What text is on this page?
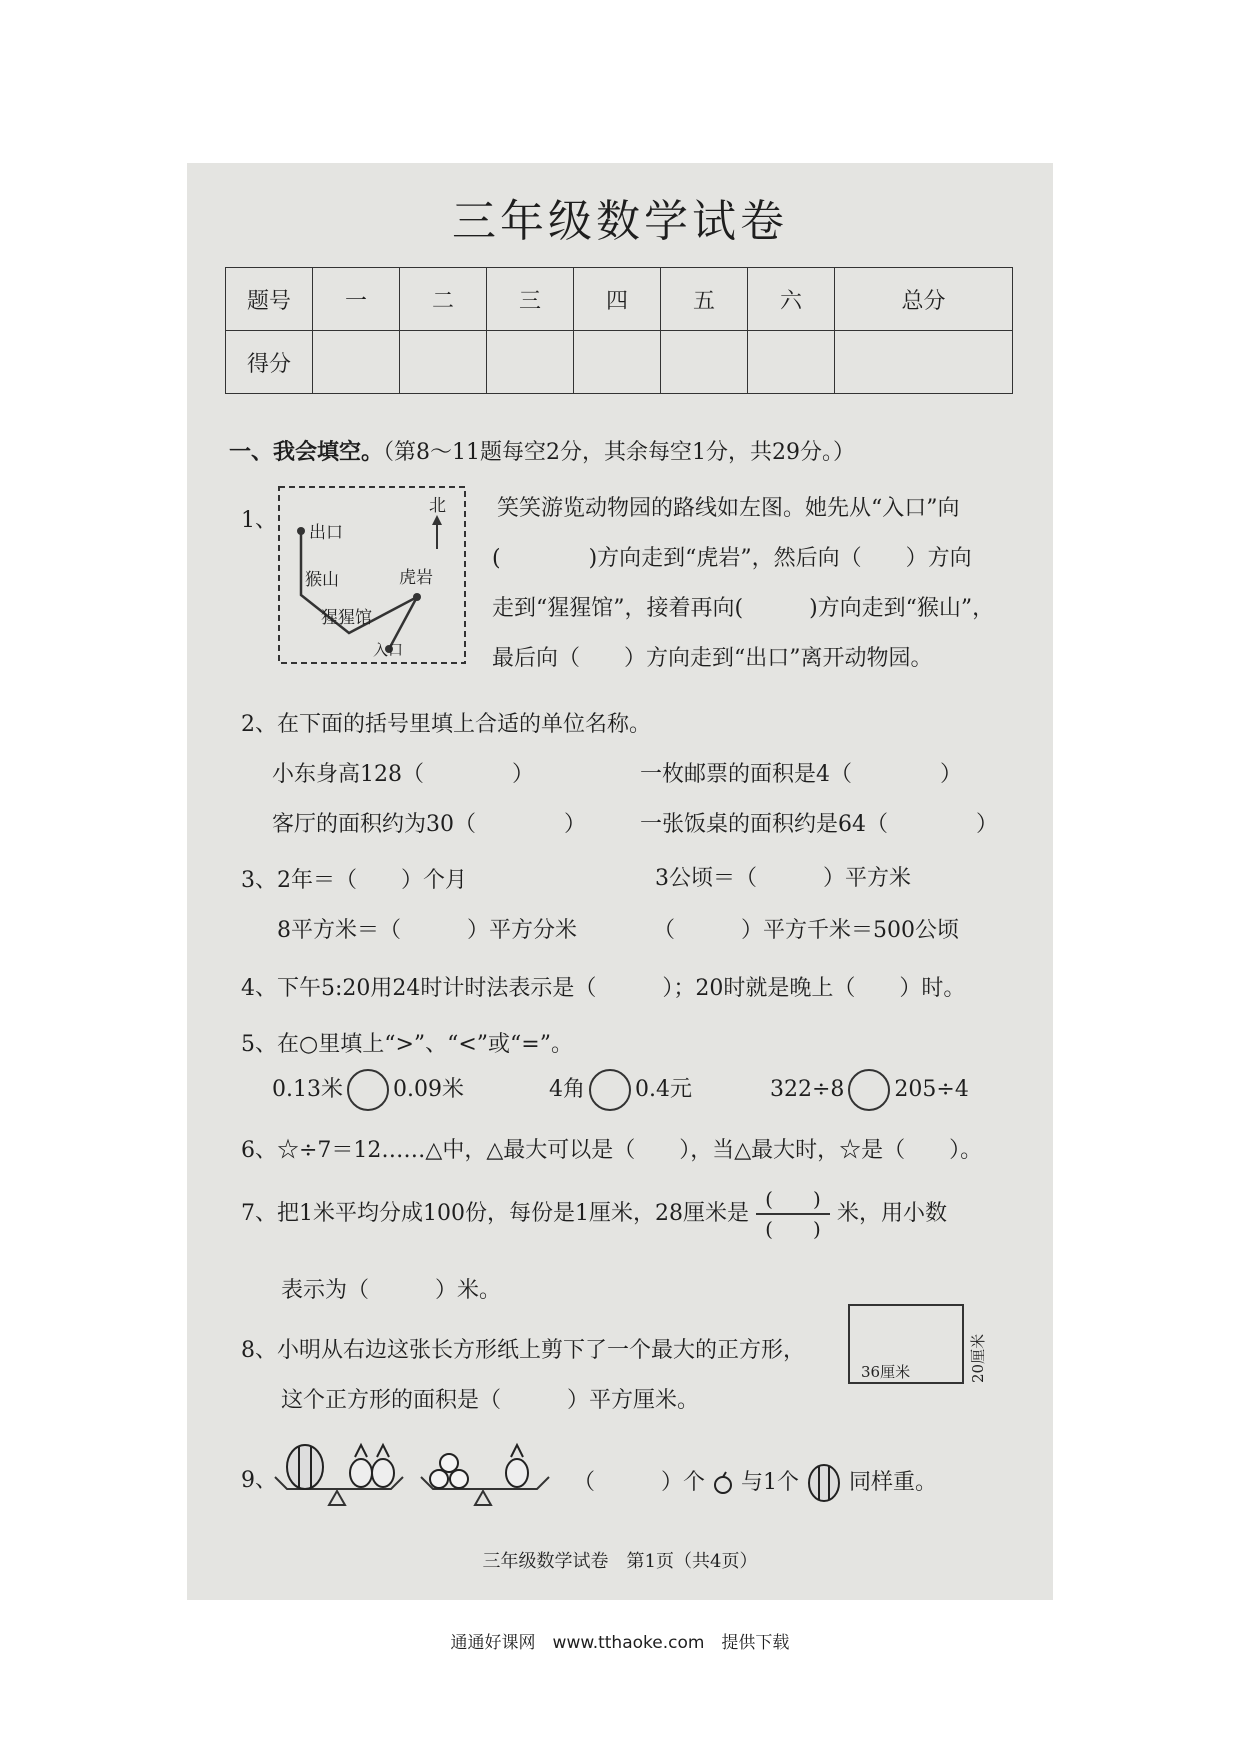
三年级数学试卷
题号	一	二	三	四	五	六	总分
得分							
一、我会填空。（第8～11题每空2分，其余每空1分，共29分。）
1、 出口
北
猴山	虎岩
猩猩馆
入口
笑笑游览动物园的路线如左图。她先从“入口”向
(　　　　)方向走到“虎岩”，然后向（　　）方向
走到“猩猩馆”，接着再向(　　　)方向走到“猴山”，
最后向（　　）方向走到“出口”离开动物园。
2、在下面的括号里填上合适的单位名称。
小东身高128（　　　　）	一枚邮票的面积是4（　　　　）
客厅的面积约为30（　　　　） 一张饭桌的面积约是64（　　　　）
3、2年＝（　　）个月	3公顷＝（　　　）平方米
8平方米＝（　　　）平方分米	（　　　）平方千米＝500公顷
4、下午5:20用24时计时法表示是（　　　）；20时就是晚上（　　）时。
5、在○里填上“>”、“<”或“=”。
0.13米 0.09米	4角 0.4元	322÷8 205÷4
6、☆÷7＝12……△中，△最大可以是（　　），当△最大时，☆是（　　）。
7、把1米平均分成100份，每份是1厘米，28厘米是 $\frac{( )}{( )}$ 米，用小数
表示为（　　　）米。
8、小明从右边这张长方形纸上剪下了一个最大的正方形，
这个正方形的面积是（　　　）平方厘米。
36厘米	20厘米
9、	（　　　）个 与1个 同样重。
三年级数学试卷　第1页（共4页）
通通好课网　www.tthaoke.com　提供下载
